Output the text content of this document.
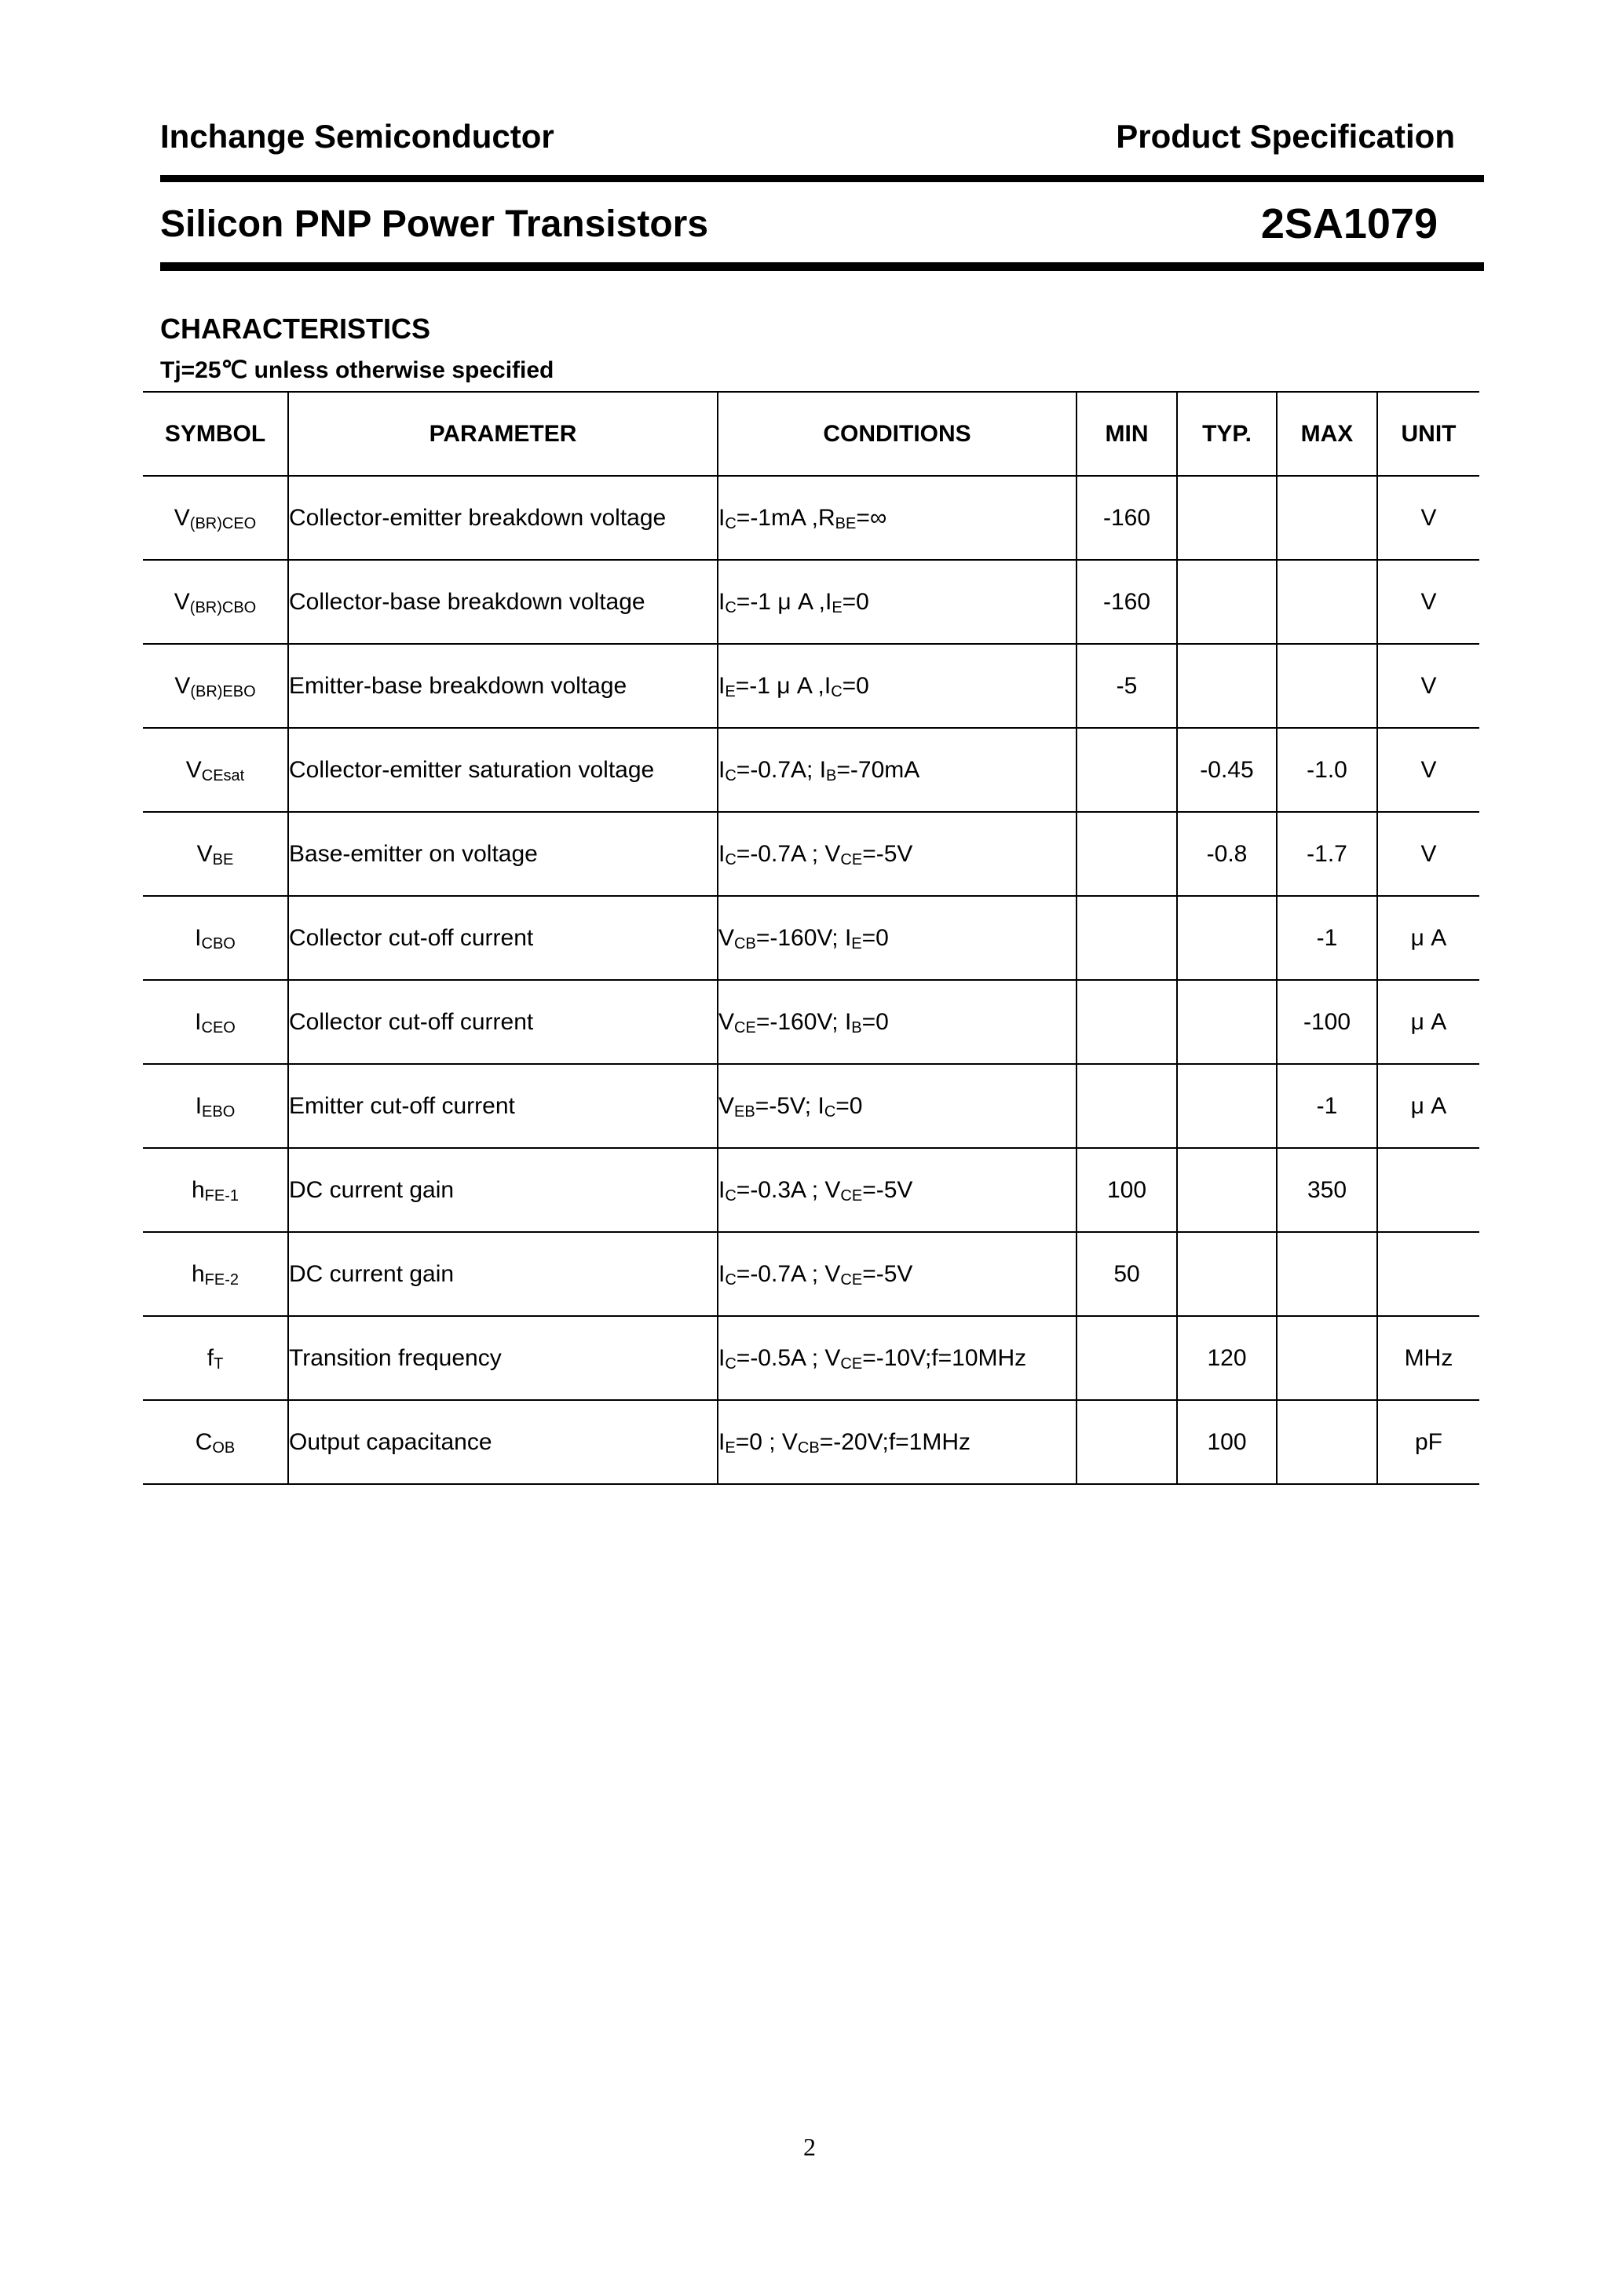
Inchange Semiconductor	Product Specification
Silicon PNP Power Transistors	2SA1079
CHARACTERISTICS
Tj=25℃ unless otherwise specified
SYMBOL	PARAMETER	CONDITIONS	MIN	TYP.	MAX	UNIT
$V_{(BR)CEO}$	Collector-emitter breakdown voltage	$I_C=-1mA$ $,R_{BE}=\infty$	-160			V
$V_{(BR)CBO}$	Collector-base breakdown voltage	$I_C=-1$ μ A $,I_E=0$	-160			V
$V_{(BR)EBO}$	Emitter-base breakdown voltage	$I_E=-1$ μ A $,I_C=0$	-5			V
$V_{CEsat}$	Collector-emitter saturation voltage	$I_C=-0.7A$; $I_B=-70mA$		-0.45	-1.0	V
$V_{BE}$	Base-emitter on voltage	$I_C=-0.7A$ ; $V_{CE}=-5V$		-0.8	-1.7	V
$I_{CBO}$	Collector cut-off current	$V_{CB}=-160V$; $I_E=0$			-1	μ A
$I_{CEO}$	Collector cut-off current	$V_{CE}=-160V$; $I_B=0$			-100	μ A
$I_{EBO}$	Emitter cut-off current	$V_{EB}=-5V$; $I_C=0$			-1	μ A
$h_{FE-1}$	DC current gain	$I_C=-0.3A$ ; $V_{CE}=-5V$	100		350	
$h_{FE-2}$	DC current gain	$I_C=-0.7A$ ; $V_{CE}=-5V$	50			
$f_T$	Transition frequency	$I_C=-0.5A$ ; $V_{CE}=-10V;f=10MHz$		120		MHz
$C_{OB}$	Output capacitance	$I_E=0$ ; $V_{CB}=-20V;f=1MHz$		100		pF
2
